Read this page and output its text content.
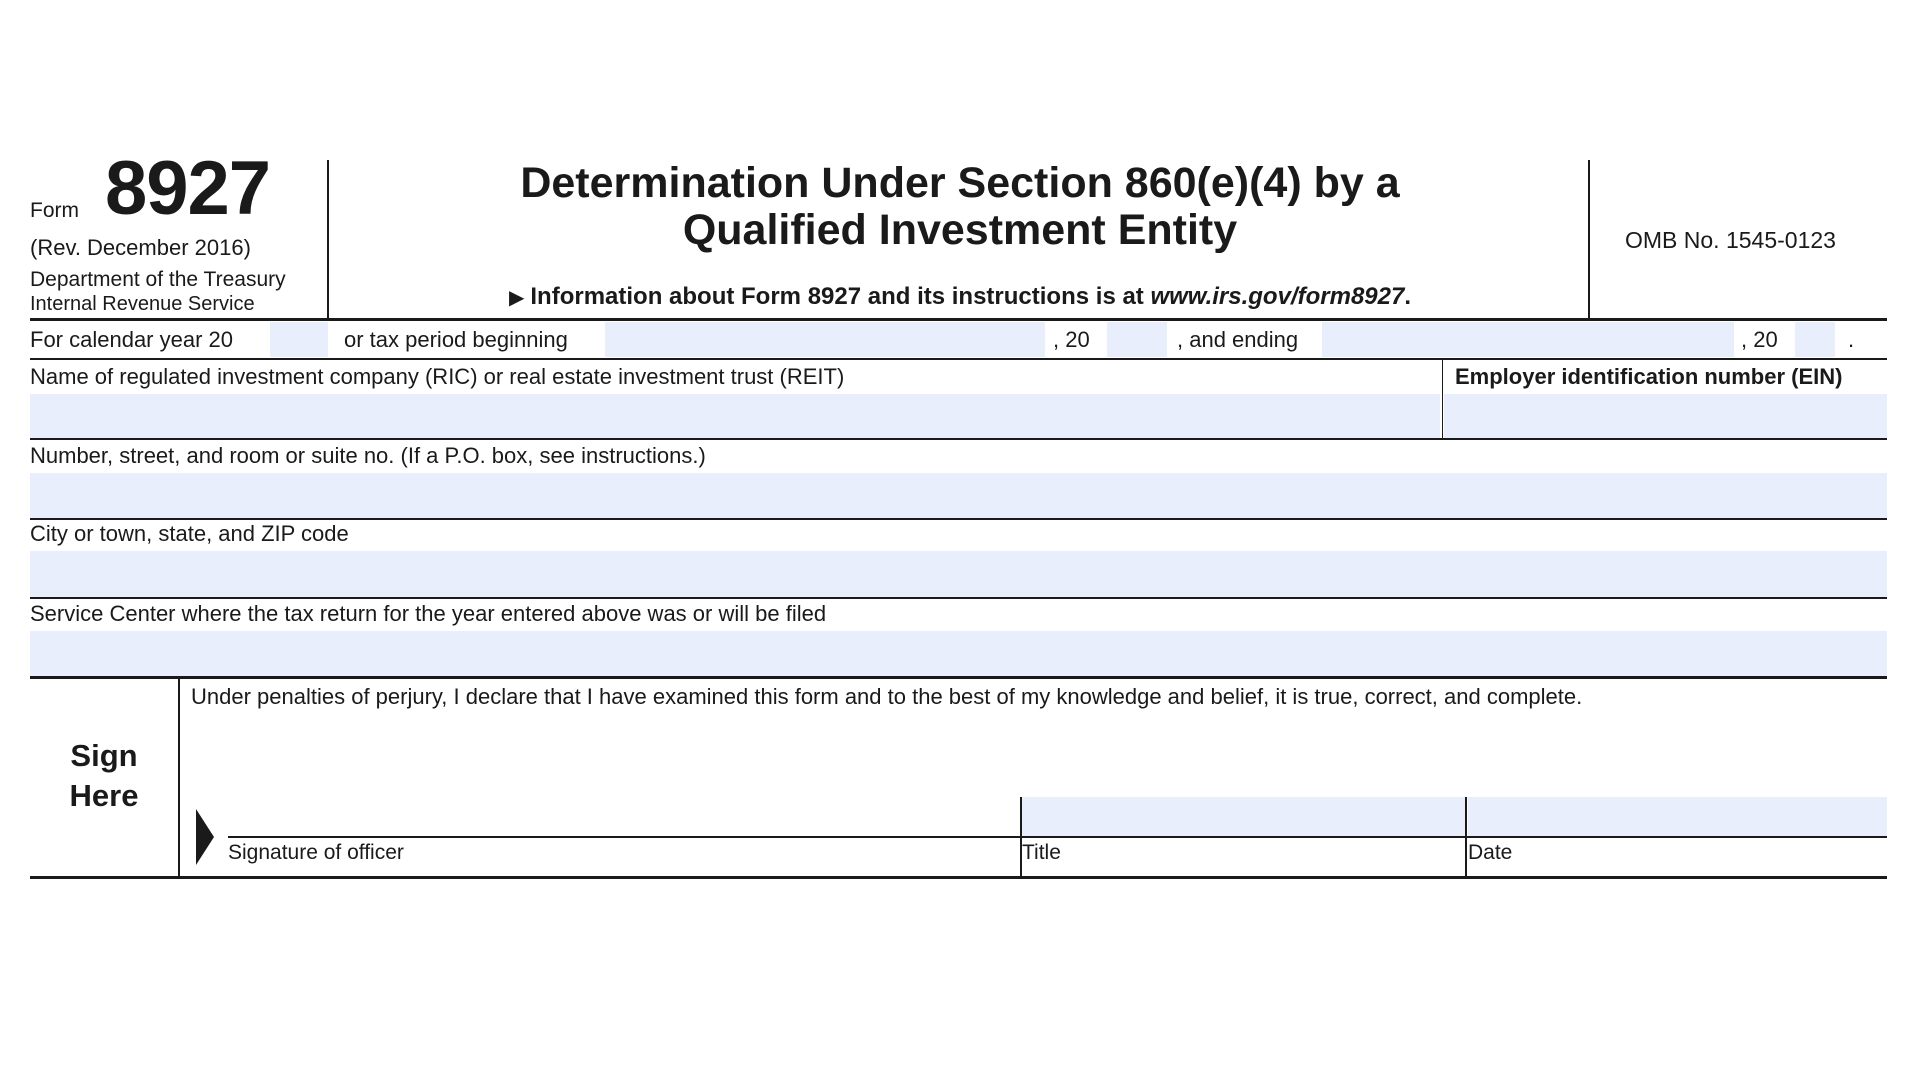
Form 8927
(Rev. December 2016)
Department of the Treasury
Internal Revenue Service
Determination Under Section 860(e)(4) by a
Qualified Investment Entity
▶ Information about Form 8927 and its instructions is at www.irs.gov/form8927.
OMB No. 1545-0123
For calendar year 20	or tax period beginning	, 20	, and ending	, 20	.
Name of regulated investment company (RIC) or real estate investment trust (REIT)	Employer identification number (EIN)
Number, street, and room or suite no. (If a P.O. box, see instructions.)
City or town, state, and ZIP code
Service Center where the tax return for the year entered above was or will be filed
Sign
Here
Under penalties of perjury, I declare that I have examined this form and to the best of my knowledge and belief, it is true, correct, and complete.
Signature of officer	Title	Date
